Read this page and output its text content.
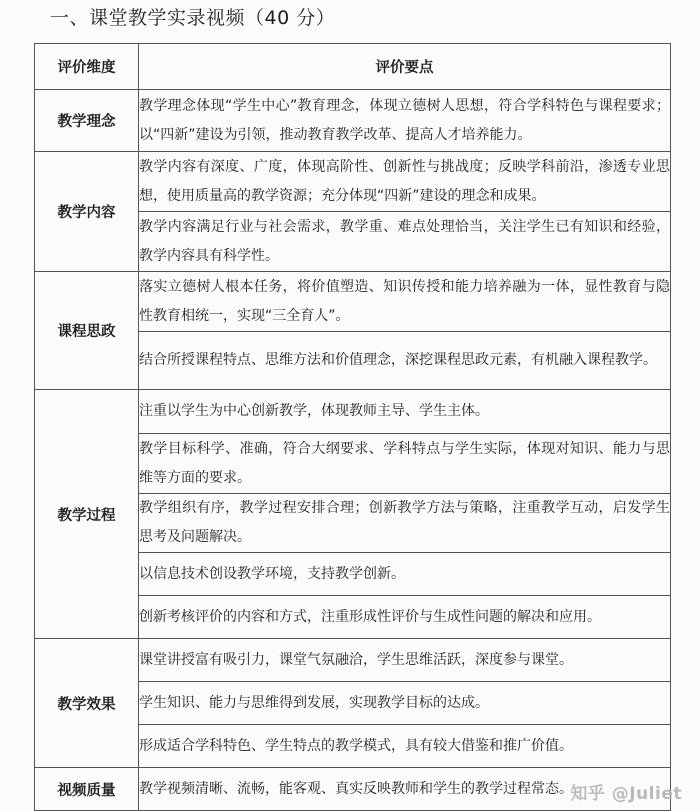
一、课堂教学实录视频（40 分）
评价维度	评价要点
教学理念	教学理念体现“学生中心”教育理念，体现立德树人思想，符合学科特色与课程要求；以“四新”建设为引领，推动教育教学改革、提高人才培养能力。
教学内容	教学内容有深度、广度，体现高阶性、创新性与挑战度；反映学科前沿，渗透专业思想，使用质量高的教学资源；充分体现“四新”建设的理念和成果。
	教学内容满足行业与社会需求，教学重、难点处理恰当，关注学生已有知识和经验，教学内容具有科学性。
课程思政	落实立德树人根本任务，将价值塑造、知识传授和能力培养融为一体，显性教育与隐性教育相统一，实现“三全育人”。
	结合所授课程特点、思维方法和价值理念，深挖课程思政元素，有机融入课程教学。
教学过程	注重以学生为中心创新教学，体现教师主导、学生主体。
	教学目标科学、准确，符合大纲要求、学科特点与学生实际，体现对知识、能力与思维等方面的要求。
	教学组织有序，教学过程安排合理；创新教学方法与策略，注重教学互动，启发学生思考及问题解决。
	以信息技术创设教学环境，支持教学创新。
	创新考核评价的内容和方式，注重形成性评价与生成性问题的解决和应用。
教学效果	课堂讲授富有吸引力，课堂气氛融洽，学生思维活跃，深度参与课堂。
	学生知识、能力与思维得到发展，实现教学目标的达成。
	形成适合学科特色、学生特点的教学模式，具有较大借鉴和推广价值。
视频质量	教学视频清晰、流畅，能客观、真实反映教师和学生的教学过程常态。
知乎 @Juliet
